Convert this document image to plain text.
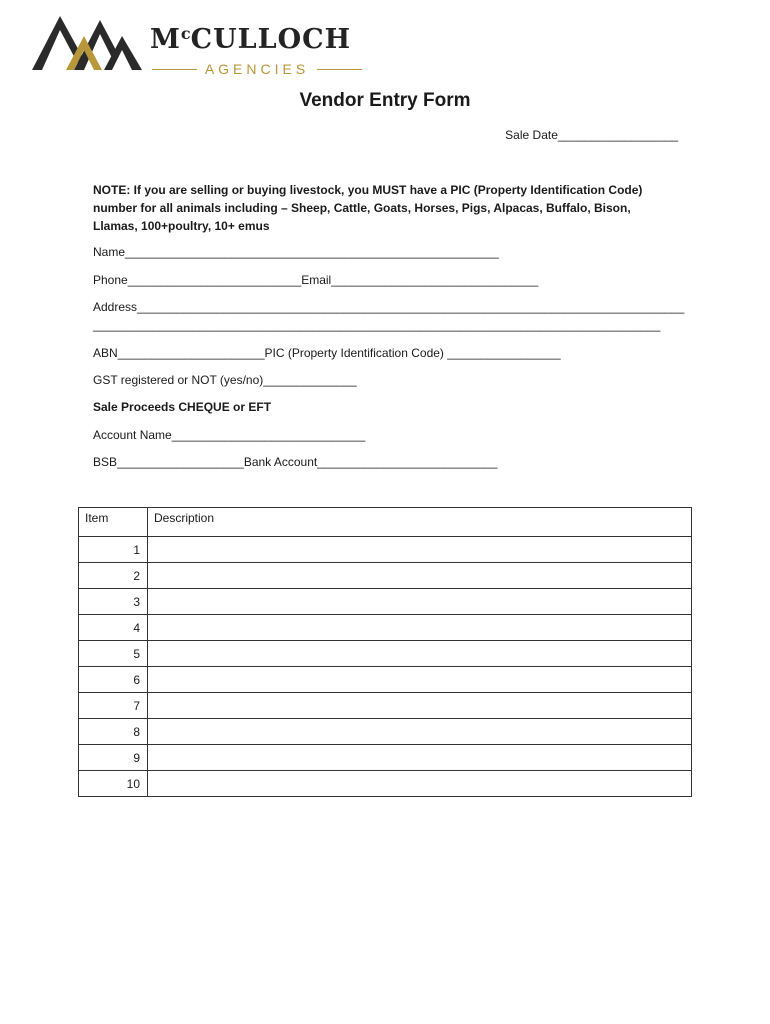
$M^cCULLOCH$
AGENCIES
Vendor Entry Form
Sale Date__________________
NOTE: If you are selling or buying livestock, you MUST have a PIC (Property Identification Code) number for all animals including – Sheep, Cattle, Goats, Horses, Pigs, Alpacas, Buffalo, Bison, Llamas, 100+poultry, 10+ emus
Name________________________________________________________
Phone__________________________Email_______________________________
Address__________________________________________________________________________________
_____________________________________________________________________________________
ABN______________________PIC (Property Identification Code) _________________
GST registered or NOT (yes/no)______________
Sale Proceeds CHEQUE or EFT
Account Name_____________________________
BSB___________________Bank Account___________________________
Item	Description
1	
2	
3	
4	
5	
6	
7	
8	
9	
10	
